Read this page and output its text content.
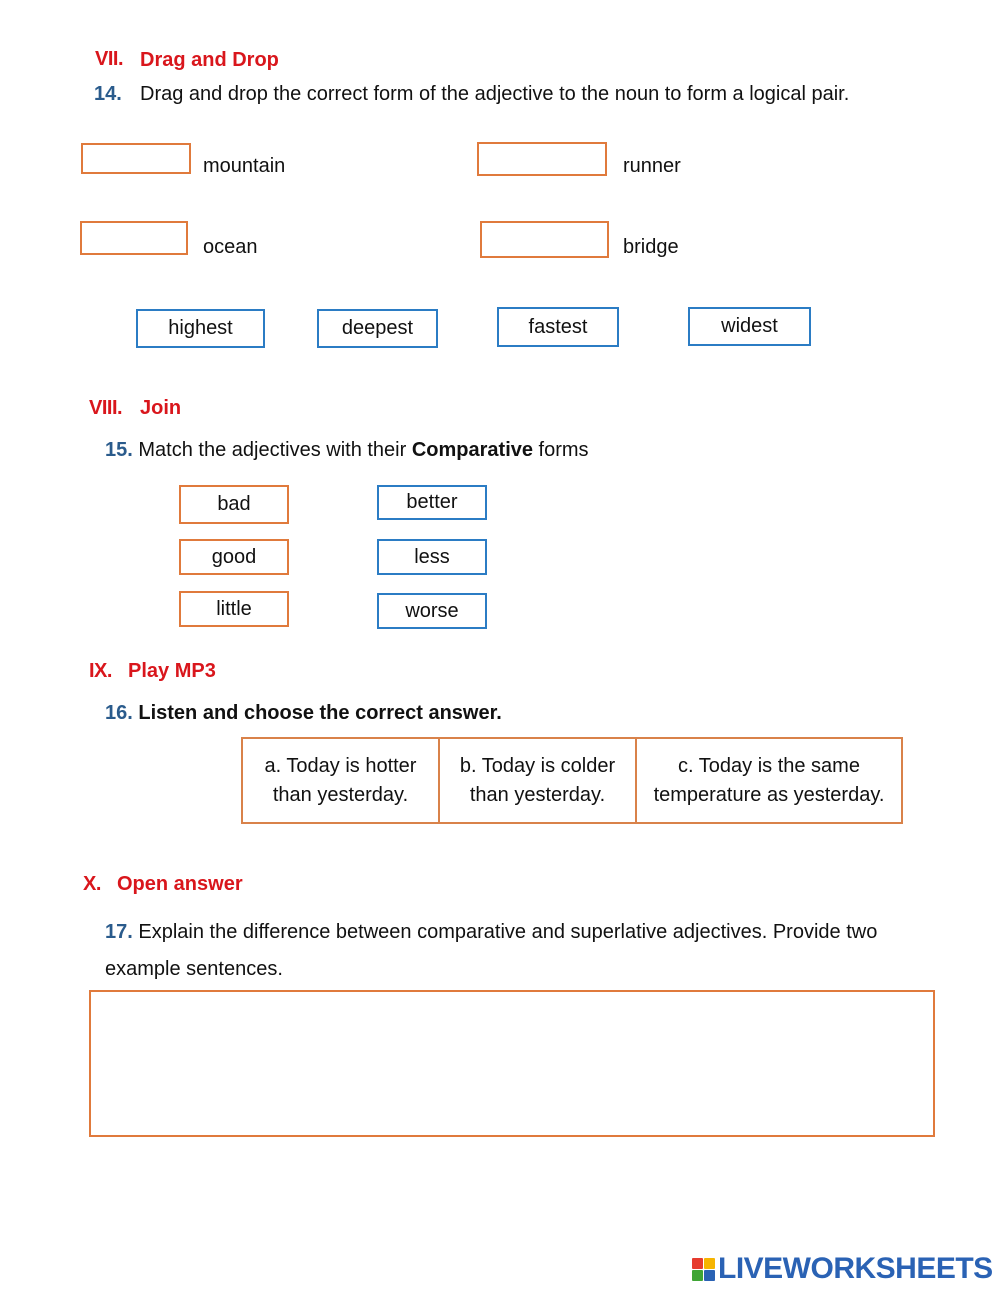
VII. Drag and Drop
14. Drag and drop the correct form of the adjective to the noun to form a logical pair.
mountain	runner
ocean	bridge
highest	deepest	fastest	widest
VIII. Join
15. Match the adjectives with their Comparative forms
bad
good
little
better
less
worse
IX. Play MP3
16. Listen and choose the correct answer.
a. Today is hotter
than yesterday.
b. Today is colder
than yesterday.
c. Today is the same
temperature as yesterday.
X. Open answer
17. Explain the difference between comparative and superlative adjectives. Provide two
example sentences.
LIVEWORKSHEETS
